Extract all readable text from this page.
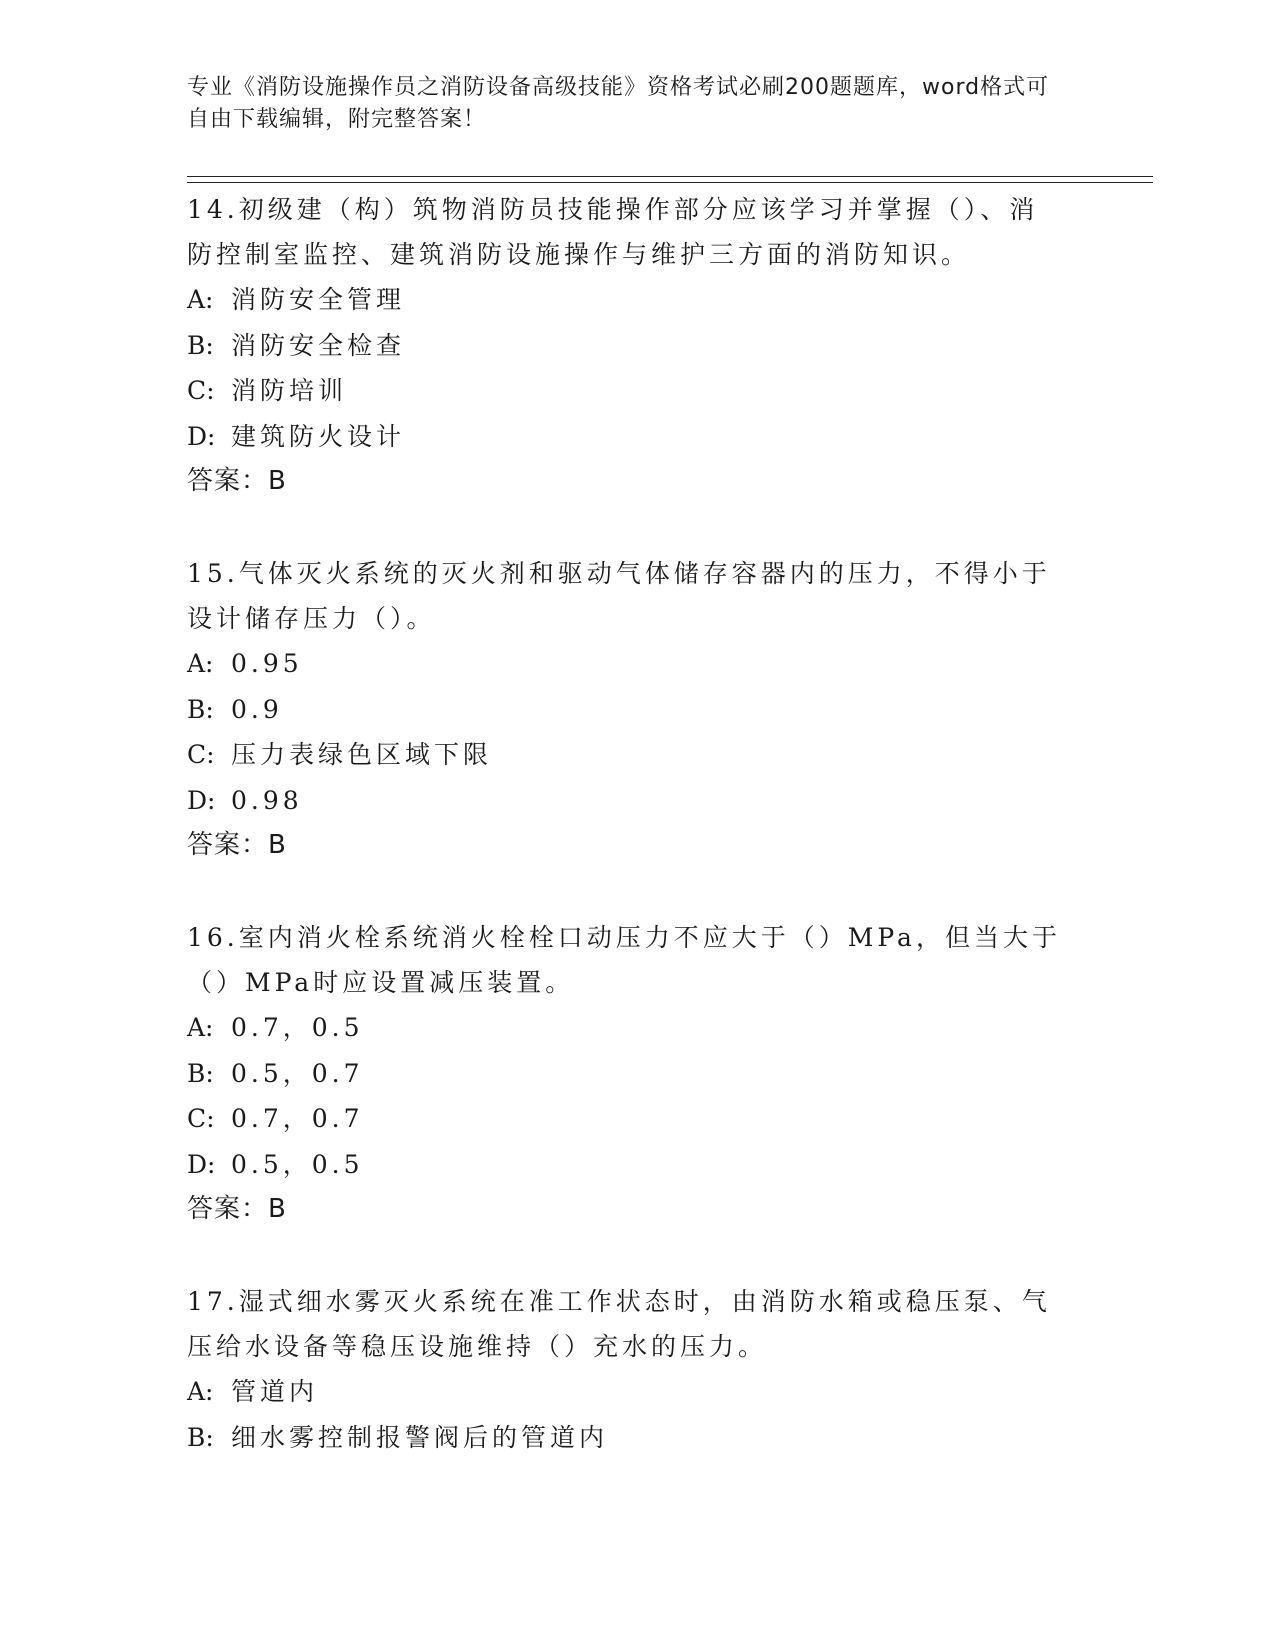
专业《消防设施操作员之消防设备高级技能》资格考试必刷200题题库，word格式可自由下载编辑，附完整答案！
14.初级建（构）筑物消防员技能操作部分应该学习并掌握（）、消防控制室监控、建筑消防设施操作与维护三方面的消防知识。
A: 消防安全管理
B: 消防安全检查
C: 消防培训
D: 建筑防火设计
答案：B
15.气体灭火系统的灭火剂和驱动气体储存容器内的压力，不得小于设计储存压力（）。
A: 0.95
B: 0.9
C: 压力表绿色区域下限
D: 0.98
答案：B
16.室内消火栓系统消火栓栓口动压力不应大于（）MPa，但当大于（）MPa时应设置减压装置。
A: 0.7，0.5
B: 0.5，0.7
C: 0.7，0.7
D: 0.5，0.5
答案：B
17.湿式细水雾灭火系统在准工作状态时，由消防水箱或稳压泵、气压给水设备等稳压设施维持（）充水的压力。
A: 管道内
B: 细水雾控制报警阀后的管道内
